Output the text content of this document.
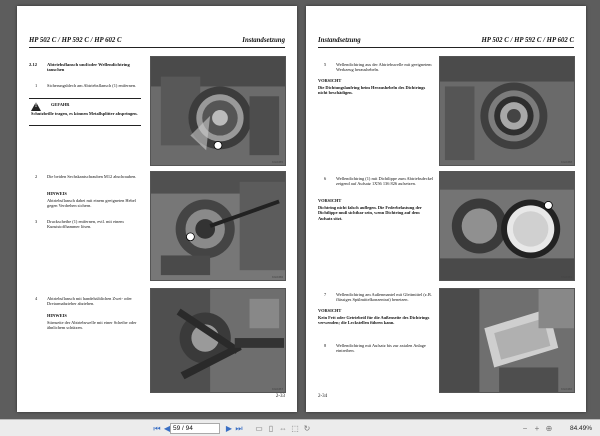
HP 502 C / HP 592 C / HP 602 C	Instandsetzung
2.12 Abtriebsflansch und/oder Wellendichtring tauschen
1 Sicherungsblech am Abtriebsflansch (1) entfernen.
!
GEFAHR
Schutzbrille tragen, es können Metallsplitter abspringen.
KG0455
2 Die beiden Sechskantschrauben M12 abschrauben.
HINWEIS
Abtriebsflansch dabei mit einem geeigneten Hebel gegen Verdrehen sichern.
3 Druckscheibe (1) entfernen, evtl. mit einem Kunststoffhammer lösen.
KG0456
4 Abtriebsflansch mit handelsüblichen Zwei- oder Dreiarmabzieher abziehen.
HINWEIS
Stirnseite der Abtriebswelle mit einer Scheibe oder ähnlichem schützen.
KG0457
2-33
Instandsetzung	HP 502 C / HP 592 C / HP 602 C
5 Wellendichtring aus der Abtriebswelle mit geeignetem Werkzeug heraushebeln.
VORSICHT
Die Dichtungslaufring beim Heraushebeln des Dichtrings nicht beschädigen.
KG0458
6 Wellendichtring (1) mit Dichtlippe zum Abtriebsdeckel zeigend auf Aufsatz 1X56 136 826 aufsetzen.
VORSICHT
Dichtring nicht falsch auflegen. Die Federbelastung der Dichtlippe muß sichtbar sein, wenn Dichtring auf dem Aufsatz sitzt.
KG0459
7 Wellendichtring am Außenmantel mit Gleitmittel (z.B. flüssiges Spülmittelkonzentrat) benetzen.
VORSICHT
Kein Fett oder Getriebeöl für die Außenseite des Dichtrings verwenden; die Leckstellen führen kann.
8 Wellendichtring mit Aufsatz bis zur axialen Anlage eintreiben.
KG0460
2-34
⏮ ◀ 59 / 94	▶ ⏭ ▭ ▯ ⇔ ⬚ ↻	− + ⊕	84.49%
